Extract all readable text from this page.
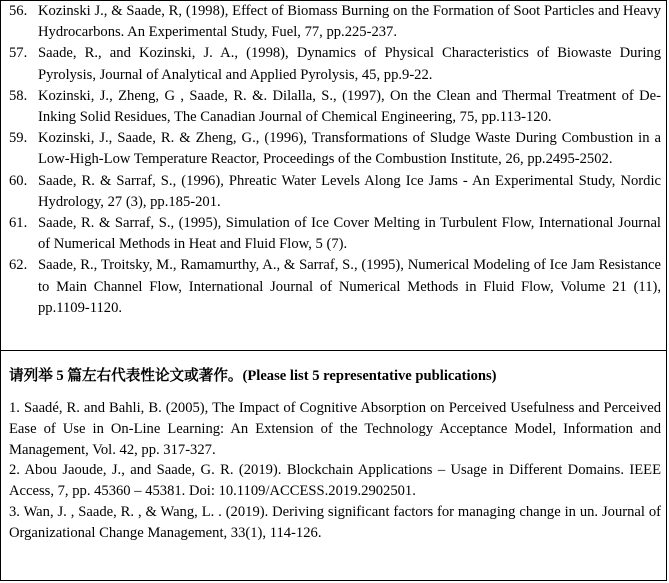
56. Kozinski J., & Saade, R, (1998), Effect of Biomass Burning on the Formation of Soot Particles and Heavy Hydrocarbons. An Experimental Study, Fuel, 77, pp.225-237.
57. Saade, R., and Kozinski, J. A., (1998), Dynamics of Physical Characteristics of Biowaste During Pyrolysis, Journal of Analytical and Applied Pyrolysis, 45, pp.9-22.
58. Kozinski, J., Zheng, G , Saade, R. &. Dilalla, S., (1997), On the Clean and Thermal Treatment of De-Inking Solid Residues, The Canadian Journal of Chemical Engineering, 75, pp.113-120.
59. Kozinski, J., Saade, R. & Zheng, G., (1996), Transformations of Sludge Waste During Combustion in a Low-High-Low Temperature Reactor, Proceedings of the Combustion Institute, 26, pp.2495-2502.
60. Saade, R. & Sarraf, S., (1996), Phreatic Water Levels Along Ice Jams - An Experimental Study, Nordic Hydrology, 27 (3), pp.185-201.
61. Saade, R. & Sarraf, S., (1995), Simulation of Ice Cover Melting in Turbulent Flow, International Journal of Numerical Methods in Heat and Fluid Flow, 5 (7).
62. Saade, R., Troitsky, M., Ramamurthy, A., & Sarraf, S., (1995), Numerical Modeling of Ice Jam Resistance to Main Channel Flow, International Journal of Numerical Methods in Fluid Flow, Volume 21 (11), pp.1109-1120.
请列举 5 篇左右代表性论文或著作。(Please list 5 representative publications)
1. Saadé, R. and Bahli, B. (2005), The Impact of Cognitive Absorption on Perceived Usefulness and Perceived Ease of Use in On-Line Learning: An Extension of the Technology Acceptance Model, Information and Management, Vol. 42, pp. 317-327.
2. Abou Jaoude, J., and Saade, G. R. (2019). Blockchain Applications – Usage in Different Domains. IEEE Access, 7, pp. 45360 – 45381. Doi: 10.1109/ACCESS.2019.2902501.
3. Wan, J. , Saade, R. , & Wang, L. . (2019). Deriving significant factors for managing change in un. Journal of Organizational Change Management, 33(1), 114-126.
